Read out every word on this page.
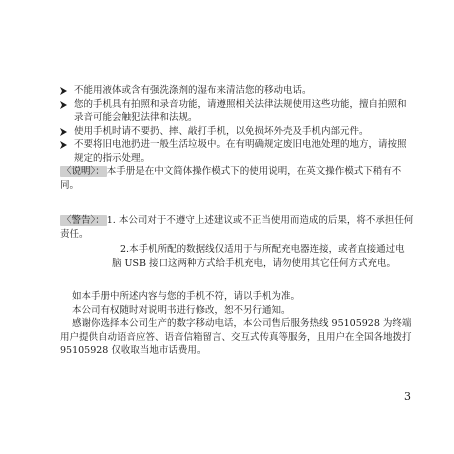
不能用液体或含有强洗涤剂的湿布来清洁您的移动电话。
您的手机具有拍照和录音功能，请遵照相关法律法规使用这些功能，擅自拍照和录音可能会触犯法律和法规。
使用手机时请不要扔、摔、敲打手机，以免损坏外壳及手机内部元件。
不要将旧电池扔进一般生活垃圾中。在有明确规定废旧电池处理的地方，请按照规定的指示处理。

〈说明〉： 本手册是在中文简体操作模式下的使用说明，在英文操作模式下稍有不同。

〈警告〉： 1. 本公司对于不遵守上述建议或不正当使用而造成的后果，将不承担任何责任。

2.本手机所配的数据线仅适用于与所配充电器连接，或者直接通过电脑 USB 接口这两种方式给手机充电，请勿使用其它任何方式充电。

如本手册中所述内容与您的手机不符，请以手机为准。

本公司有权随时对说明书进行修改，恕不另行通知。

感谢你选择本公司生产的数字移动电话，本公司售后服务热线 95105928 为终端用户提供自动语音应答、语音信箱留言、交互式传真等服务，且用户在全国各地拨打 95105928 仅收取当地市话费用。

3
